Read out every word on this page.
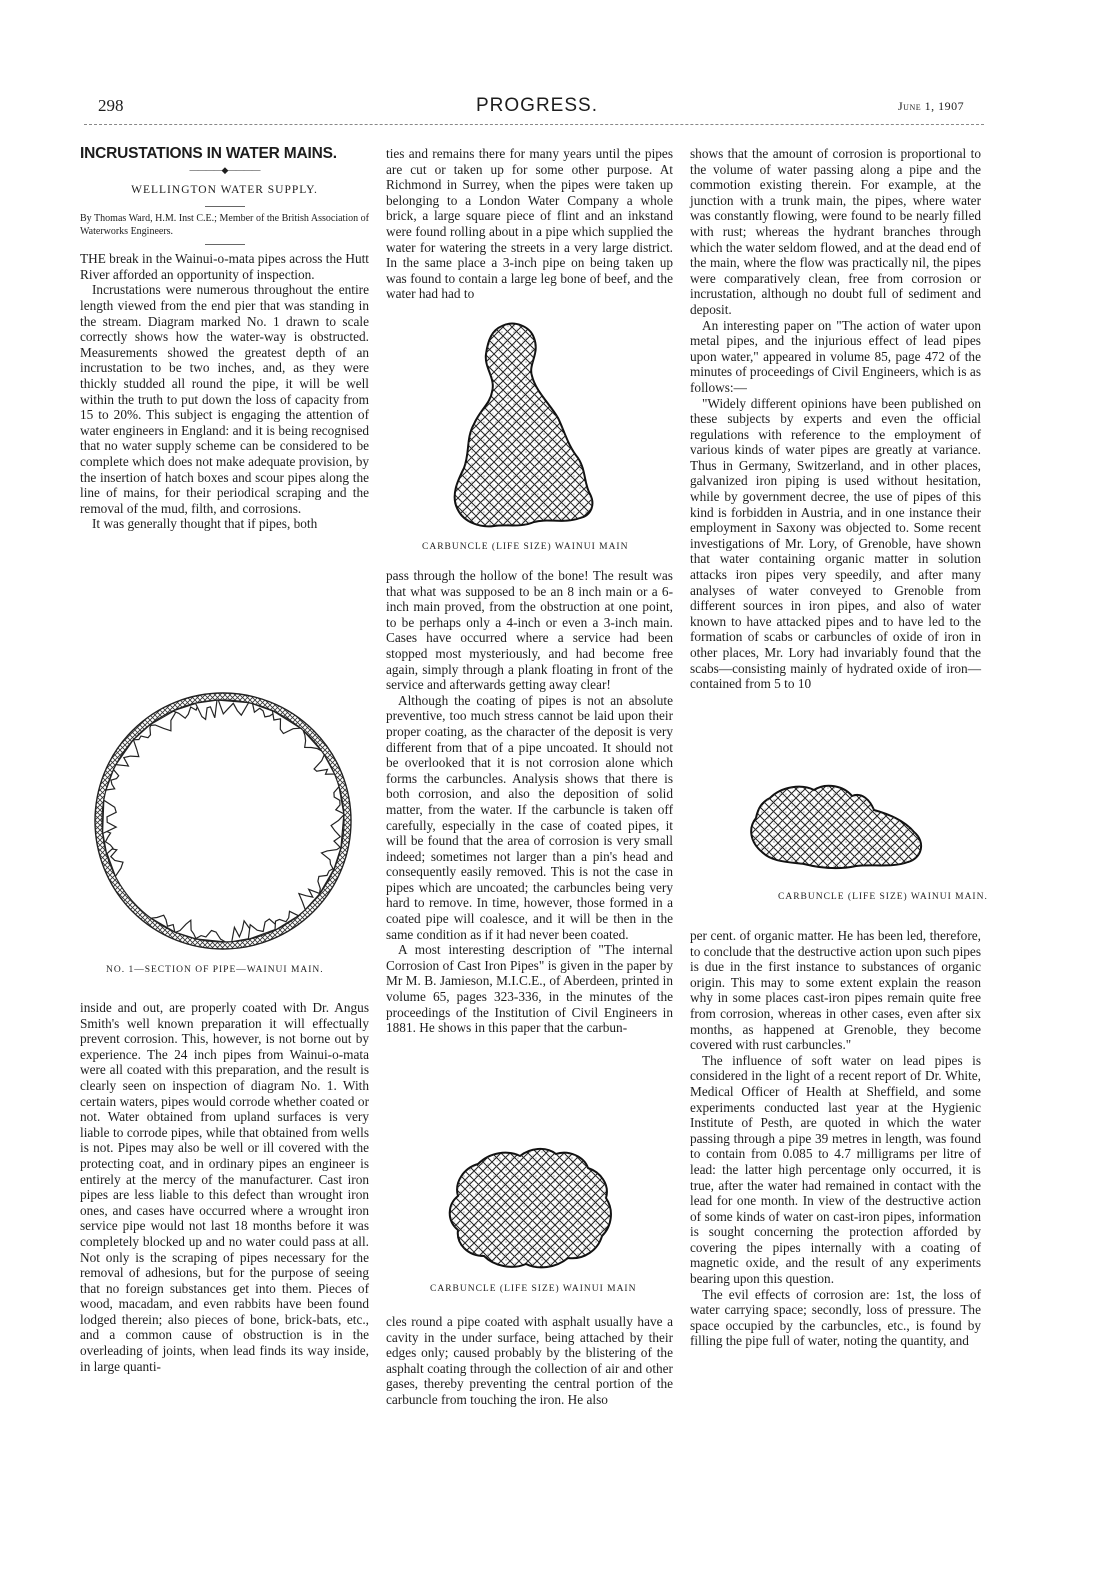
298	PROGRESS.	June 1, 1907

INCRUSTATIONS IN WATER MAINS.

————◆————
WELLINGTON WATER SUPPLY.
By Thomas Ward, H.M. Inst C.E.; Member of the British Association of Waterworks Engineers.

THE break in the Wainui-o-mata pipes across the Hutt River afforded an opportunity of inspection.

Incrustations were numerous throughout the entire length viewed from the end pier that was standing in the stream. Diagram marked No. 1 drawn to scale correctly shows how the water-way is obstructed. Measurements showed the greatest depth of an incrustation to be two inches, and, as they were thickly studded all round the pipe, it will be well within the truth to put down the loss of capacity from 15 to 20%. This subject is engaging the attention of water engineers in England: and it is being recognised that no water supply scheme can be considered to be complete which does not make adequate provision, by the insertion of hatch boxes and scour pipes along the line of mains, for their periodical scraping and the removal of the mud, filth, and corrosions.

It was generally thought that if pipes, both

NO. 1—SECTION OF PIPE—WAINUI MAIN.

inside and out, are properly coated with Dr. Angus Smith's well known preparation it will effectually prevent corrosion. This, however, is not borne out by experience. The 24 inch pipes from Wainui-o-mata were all coated with this preparation, and the result is clearly seen on inspection of diagram No. 1. With certain waters, pipes would corrode whether coated or not. Water obtained from upland surfaces is very liable to corrode pipes, while that obtained from wells is not. Pipes may also be well or ill covered with the protecting coat, and in ordinary pipes an engineer is entirely at the mercy of the manufacturer. Cast iron pipes are less liable to this defect than wrought iron ones, and cases have occurred where a wrought iron service pipe would not last 18 months before it was completely blocked up and no water could pass at all. Not only is the scraping of pipes necessary for the removal of adhesions, but for the purpose of seeing that no foreign substances get into them. Pieces of wood, macadam, and even rabbits have been found lodged therein; also pieces of bone, brick-bats, etc., and a common cause of obstruction is in the overleading of joints, when lead finds its way inside, in large quanti-

ties and remains there for many years until the pipes are cut or taken up for some other purpose. At Richmond in Surrey, when the pipes were taken up belonging to a London Water Company a whole brick, a large square piece of flint and an inkstand were found rolling about in a pipe which supplied the water for watering the streets in a very large district. In the same place a 3-inch pipe on being taken up was found to contain a large leg bone of beef, and the water had had to

CARBUNCLE (LIFE SIZE) WAINUI MAIN

pass through the hollow of the bone! The result was that what was supposed to be an 8 inch main or a 6-inch main proved, from the obstruction at one point, to be perhaps only a 4-inch or even a 3-inch main. Cases have occurred where a service had been stopped most mysteriously, and had become free again, simply through a plank floating in front of the service and afterwards getting away clear!

Although the coating of pipes is not an absolute preventive, too much stress cannot be laid upon their proper coating, as the character of the deposit is very different from that of a pipe uncoated. It should not be overlooked that it is not corrosion alone which forms the carbuncles. Analysis shows that there is both corrosion, and also the deposition of solid matter, from the water. If the carbuncle is taken off carefully, especially in the case of coated pipes, it will be found that the area of corrosion is very small indeed; sometimes not larger than a pin's head and consequently easily removed. This is not the case in pipes which are uncoated; the carbuncles being very hard to remove. In time, however, those formed in a coated pipe will coalesce, and it will be then in the same condition as if it had never been coated.

A most interesting description of "The internal Corrosion of Cast Iron Pipes" is given in the paper by Mr M. B. Jamieson, M.I.C.E., of Aberdeen, printed in volume 65, pages 323-336, in the minutes of the proceedings of the Institution of Civil Engineers in 1881. He shows in this paper that the carbun-

CARBUNCLE (LIFE SIZE) WAINUI MAIN

cles round a pipe coated with asphalt usually have a cavity in the under surface, being attached by their edges only; caused probably by the blistering of the asphalt coating through the collection of air and other gases, thereby preventing the central portion of the carbuncle from touching the iron. He also

shows that the amount of corrosion is proportional to the volume of water passing along a pipe and the commotion existing therein. For example, at the junction with a trunk main, the pipes, where water was constantly flowing, were found to be nearly filled with rust; whereas the hydrant branches through which the water seldom flowed, and at the dead end of the main, where the flow was practically nil, the pipes were comparatively clean, free from corrosion or incrustation, although no doubt full of sediment and deposit.

An interesting paper on "The action of water upon metal pipes, and the injurious effect of lead pipes upon water," appeared in volume 85, page 472 of the minutes of proceedings of Civil Engineers, which is as follows:—

"Widely different opinions have been published on these subjects by experts and even the official regulations with reference to the employment of various kinds of water pipes are greatly at variance. Thus in Germany, Switzerland, and in other places, galvanized iron piping is used without hesitation, while by government decree, the use of pipes of this kind is forbidden in Austria, and in one instance their employment in Saxony was objected to. Some recent investigations of Mr. Lory, of Grenoble, have shown that water containing organic matter in solution attacks iron pipes very speedily, and after many analyses of water conveyed to Grenoble from different sources in iron pipes, and also of water known to have attacked pipes and to have led to the formation of scabs or carbuncles of oxide of iron in other places, Mr. Lory had invariably found that the scabs—consisting mainly of hydrated oxide of iron—contained from 5 to 10

CARBUNCLE (LIFE SIZE) WAINUI MAIN.

per cent. of organic matter. He has been led, therefore, to conclude that the destructive action upon such pipes is due in the first instance to substances of organic origin. This may to some extent explain the reason why in some places cast-iron pipes remain quite free from corrosion, whereas in other cases, even after six months, as happened at Grenoble, they become covered with rust carbuncles."

The influence of soft water on lead pipes is considered in the light of a recent report of Dr. White, Medical Officer of Health at Sheffield, and some experiments conducted last year at the Hygienic Institute of Pesth, are quoted in which the water passing through a pipe 39 metres in length, was found to contain from 0.085 to 4.7 milligrams per litre of lead: the latter high percentage only occurred, it is true, after the water had remained in contact with the lead for one month. In view of the destructive action of some kinds of water on cast-iron pipes, information is sought concerning the protection afforded by covering the pipes internally with a coating of magnetic oxide, and the result of any experiments bearing upon this question.

The evil effects of corrosion are: 1st, the loss of water carrying space; secondly, loss of pressure. The space occupied by the carbuncles, etc., is found by filling the pipe full of water, noting the quantity, and
